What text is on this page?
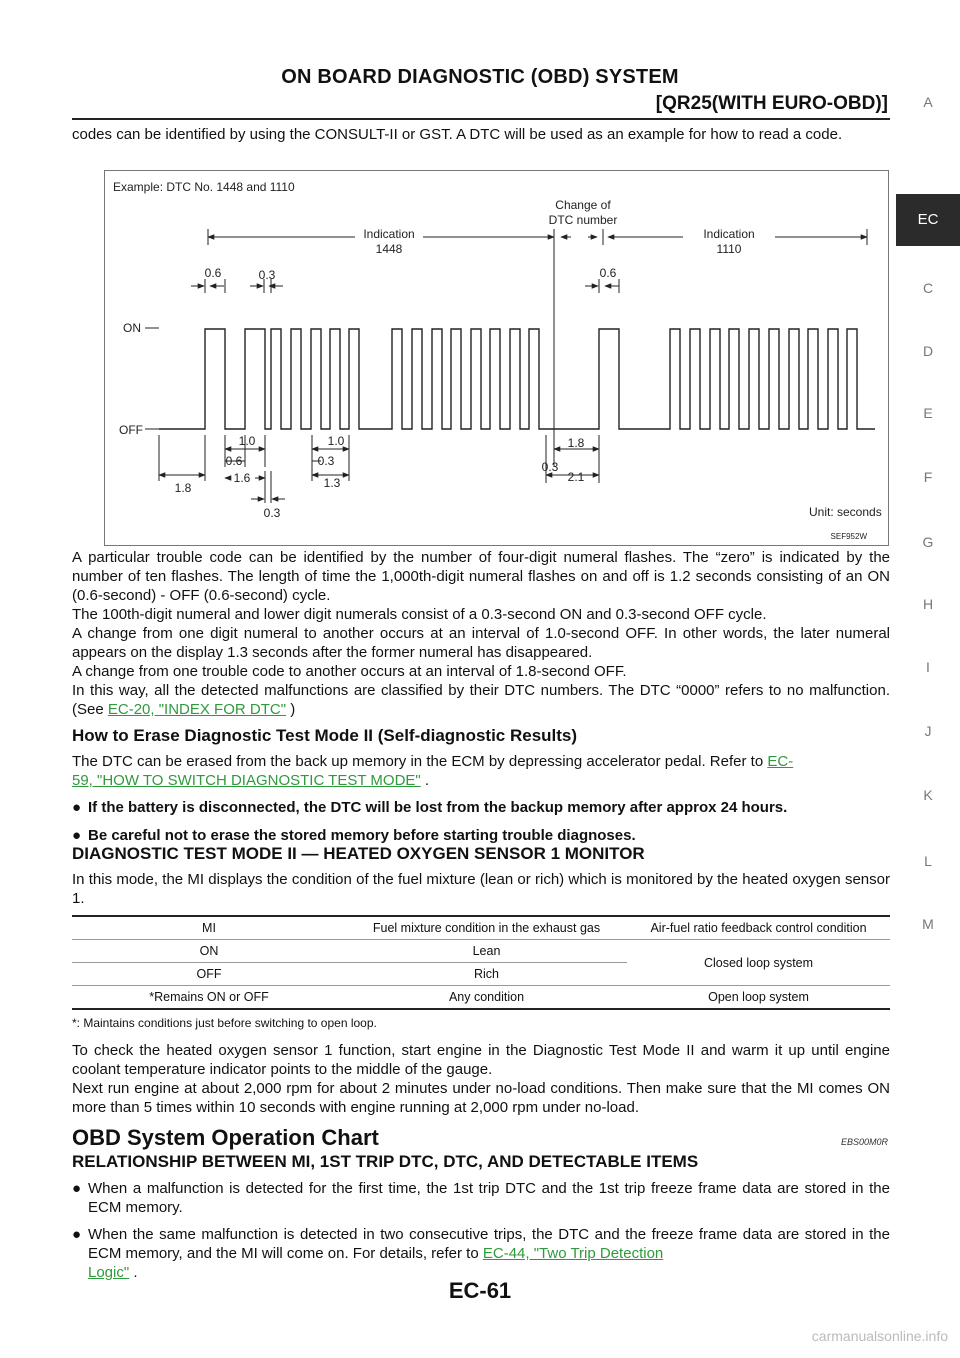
ON BOARD DIAGNOSTIC (OBD) SYSTEM
[QR25(WITH EURO-OBD)]	A
EC
C
D
E
F
G
H
I
J
K
L
M

codes can be identified by using the CONSULT-II or GST. A DTC will be used as an example for how to read a code.

Example: DTC No. 1448 and 1110
Change of
DTC number
Indication
1448
Indication
1110
0.6	0.3	0.6
ON
OFF
1.8
1.0
0.6
1.6
0.3
1.0
0.3
1.3
1.8
0.3
2.1
Unit: seconds
SEF952W

A particular trouble code can be identified by the number of four-digit numeral flashes. The “zero” is indicated by the number of ten flashes. The length of time the 1,000th-digit numeral flashes on and off is 1.2 seconds consisting of an ON (0.6-second) - OFF (0.6-second) cycle.

The 100th-digit numeral and lower digit numerals consist of a 0.3-second ON and 0.3-second OFF cycle.

A change from one digit numeral to another occurs at an interval of 1.0-second OFF. In other words, the later numeral appears on the display 1.3 seconds after the former numeral has disappeared.

A change from one trouble code to another occurs at an interval of 1.8-second OFF.

In this way, all the detected malfunctions are classified by their DTC numbers. The DTC “0000” refers to no malfunction. (See EC-20, "INDEX FOR DTC" )

How to Erase Diagnostic Test Mode II (Self-diagnostic Results)

The DTC can be erased from the back up memory in the ECM by depressing accelerator pedal. Refer to EC-
59, "HOW TO SWITCH DIAGNOSTIC TEST MODE" .

● If the battery is disconnected, the DTC will be lost from the backup memory after approx 24 hours.
● Be careful not to erase the stored memory before starting trouble diagnoses.
DIAGNOSTIC TEST MODE II — HEATED OXYGEN SENSOR 1 MONITOR

In this mode, the MI displays the condition of the fuel mixture (lean or rich) which is monitored by the heated oxygen sensor 1.

MI	Fuel mixture condition in the exhaust gas	Air-fuel ratio feedback control condition
ON	Lean	Closed loop system
OFF	Rich	
*Remains ON or OFF	Any condition	Open loop system

*: Maintains conditions just before switching to open loop.

To check the heated oxygen sensor 1 function, start engine in the Diagnostic Test Mode II and warm it up until engine coolant temperature indicator points to the middle of the gauge.

Next run engine at about 2,000 rpm for about 2 minutes under no-load conditions. Then make sure that the MI comes ON more than 5 times within 10 seconds with engine running at 2,000 rpm under no-load.

OBD System Operation Chart
RELATIONSHIP BETWEEN MI, 1ST TRIP DTC, DTC, AND DETECTABLE ITEMS
● When a malfunction is detected for the first time, the 1st trip DTC and the 1st trip freeze frame data are stored in the ECM memory.
● When the same malfunction is detected in two consecutive trips, the DTC and the freeze frame data are stored in the ECM memory, and the MI will come on. For details, refer to EC-44, "Two Trip Detection
Logic" .
EBS00M0R
EC-61
carmanualsonline.info
